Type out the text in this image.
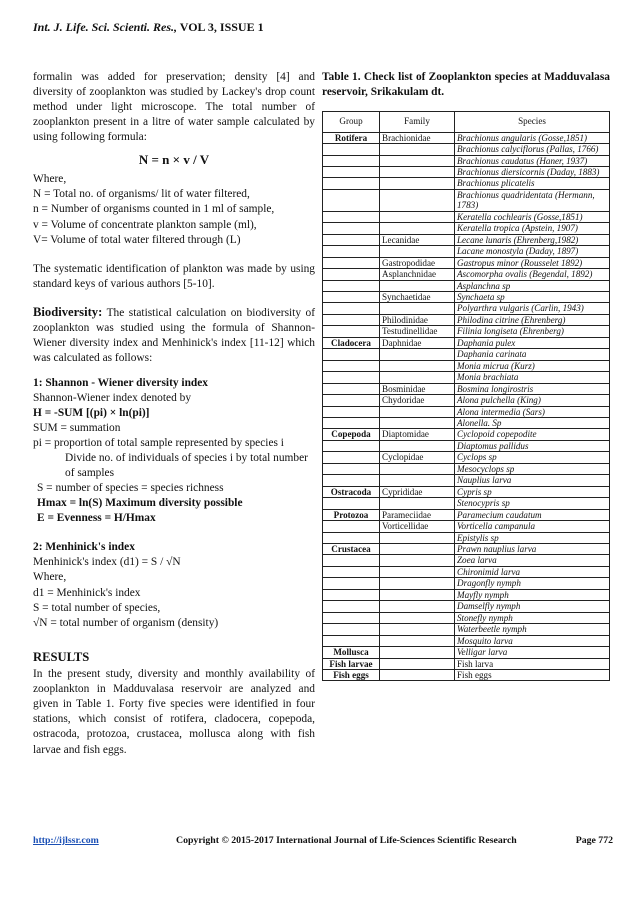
Int. J. Life. Sci. Scienti. Res., VOL 3, ISSUE 1

formalin was added for preservation; density [4] and diversity of zooplankton was studied by Lackey's drop count method under light microscope. The total number of zooplankton present in a litre of water sample calculated by using following formula:

N = n × v / V
Where,
N = Total no. of organisms/ lit of water filtered,
n = Number of organisms counted in 1 ml of sample,
v = Volume of concentrate plankton sample (ml),
V= Volume of total water filtered through (L)

The systematic identification of plankton was made by using standard keys of various authors [5-10].

Biodiversity: The statistical calculation on biodiversity of zooplankton was studied using the formula of Shannon- Wiener diversity index and Menhinick's index [11-12] which was calculated as follows:

1: Shannon - Wiener diversity index
Shannon-Wiener index denoted by
H = -SUM [(pi) × ln(pi)]
SUM = summation
pi = proportion of total sample represented by species i
Divide no. of individuals of species i by total number
of samples
S = number of species = species richness
Hmax = ln(S) Maximum diversity possible
E = Evenness = H/Hmax
2: Menhinick's index
Menhinick's index (d1) = S / √N
Where,
d1 = Menhinick's index
S = total number of species,
√N = total number of organism (density)
RESULTS

In the present study, diversity and monthly availability of zooplankton in Madduvalasa reservoir are analyzed and given in Table 1. Forty five species were identified in four stations, which consist of rotifera, cladocera, copepoda, ostracoda, protozoa, crustacea, mollusca along with fish larvae and fish eggs.

Table 1. Check list of Zooplankton species at Madduvalasa reservoir, Srikakulam dt.
Group	Family	Species
Rotifera	Brachionidae	Brachionus angularis (Gosse,1851)
		Brachionus calyciflorus (Pallas, 1766)
		Brachionus caudatus (Haner, 1937)
		Brachionus diersicornis (Daday, 1883)
		Brachionus plicatelis
		Brachionus quadridentata (Hermann, 1783)
		Keratella cochlearis (Gosse,1851)
		Keratella tropica (Apstein, 1907)
	Lecanidae	Lecane lunaris (Ehrenberg,1982)
		Lacane monostyla (Daday, 1897)
	Gastropodidae	Gastropus minor (Rousselet 1892)
	Asplanchnidae	Ascomorpha ovalis (Begendal, 1892)
		Asplanchna sp
	Synchaetidae	Synchaeta sp
		Polyarthra vulgaris (Carlin, 1943)
	Philodinidae	Philodina citrine (Ehrenberg)
	Testudinellidae	Filinia longiseta (Ehrenberg)
Cladocera	Daphnidae	Daphania pulex
		Daphania carinata
		Monia micrua (Kurz)
		Monia brachiata
	Bosminidae	Bosmina longirostris
	Chydoridae	Alona pulchella (King)
		Alona intermedia (Sars)
		Alonella. Sp
Copepoda	Diaptomidae	Cyclopoid copepodite
		Diaptomus pallidus
	Cyclopidae	Cyclops sp
		Mesocyclops sp
		Nauplius larva
Ostracoda	Cyprididae	Cypris sp
		Stenocypris sp
Protozoa	Parameciidae	Paramecium caudatum
	Vorticellidae	Vorticella campanula
		Epistylis sp
Crustacea		Prawn nauplius larva
		Zoea larva
		Chironimid larva
		Dragonfly nymph
		Mayfly nymph
		Damselfly nymph
		Stonefly nymph
		Waterbeetle nymph
		Mosquito larva
Mollusca		Velligar larva
Fish larvae		Fish larva
Fish eggs		Fish eggs
http://ijlssr.com	Copyright © 2015-2017 International Journal of Life-Sciences Scientific Research	Page 772
